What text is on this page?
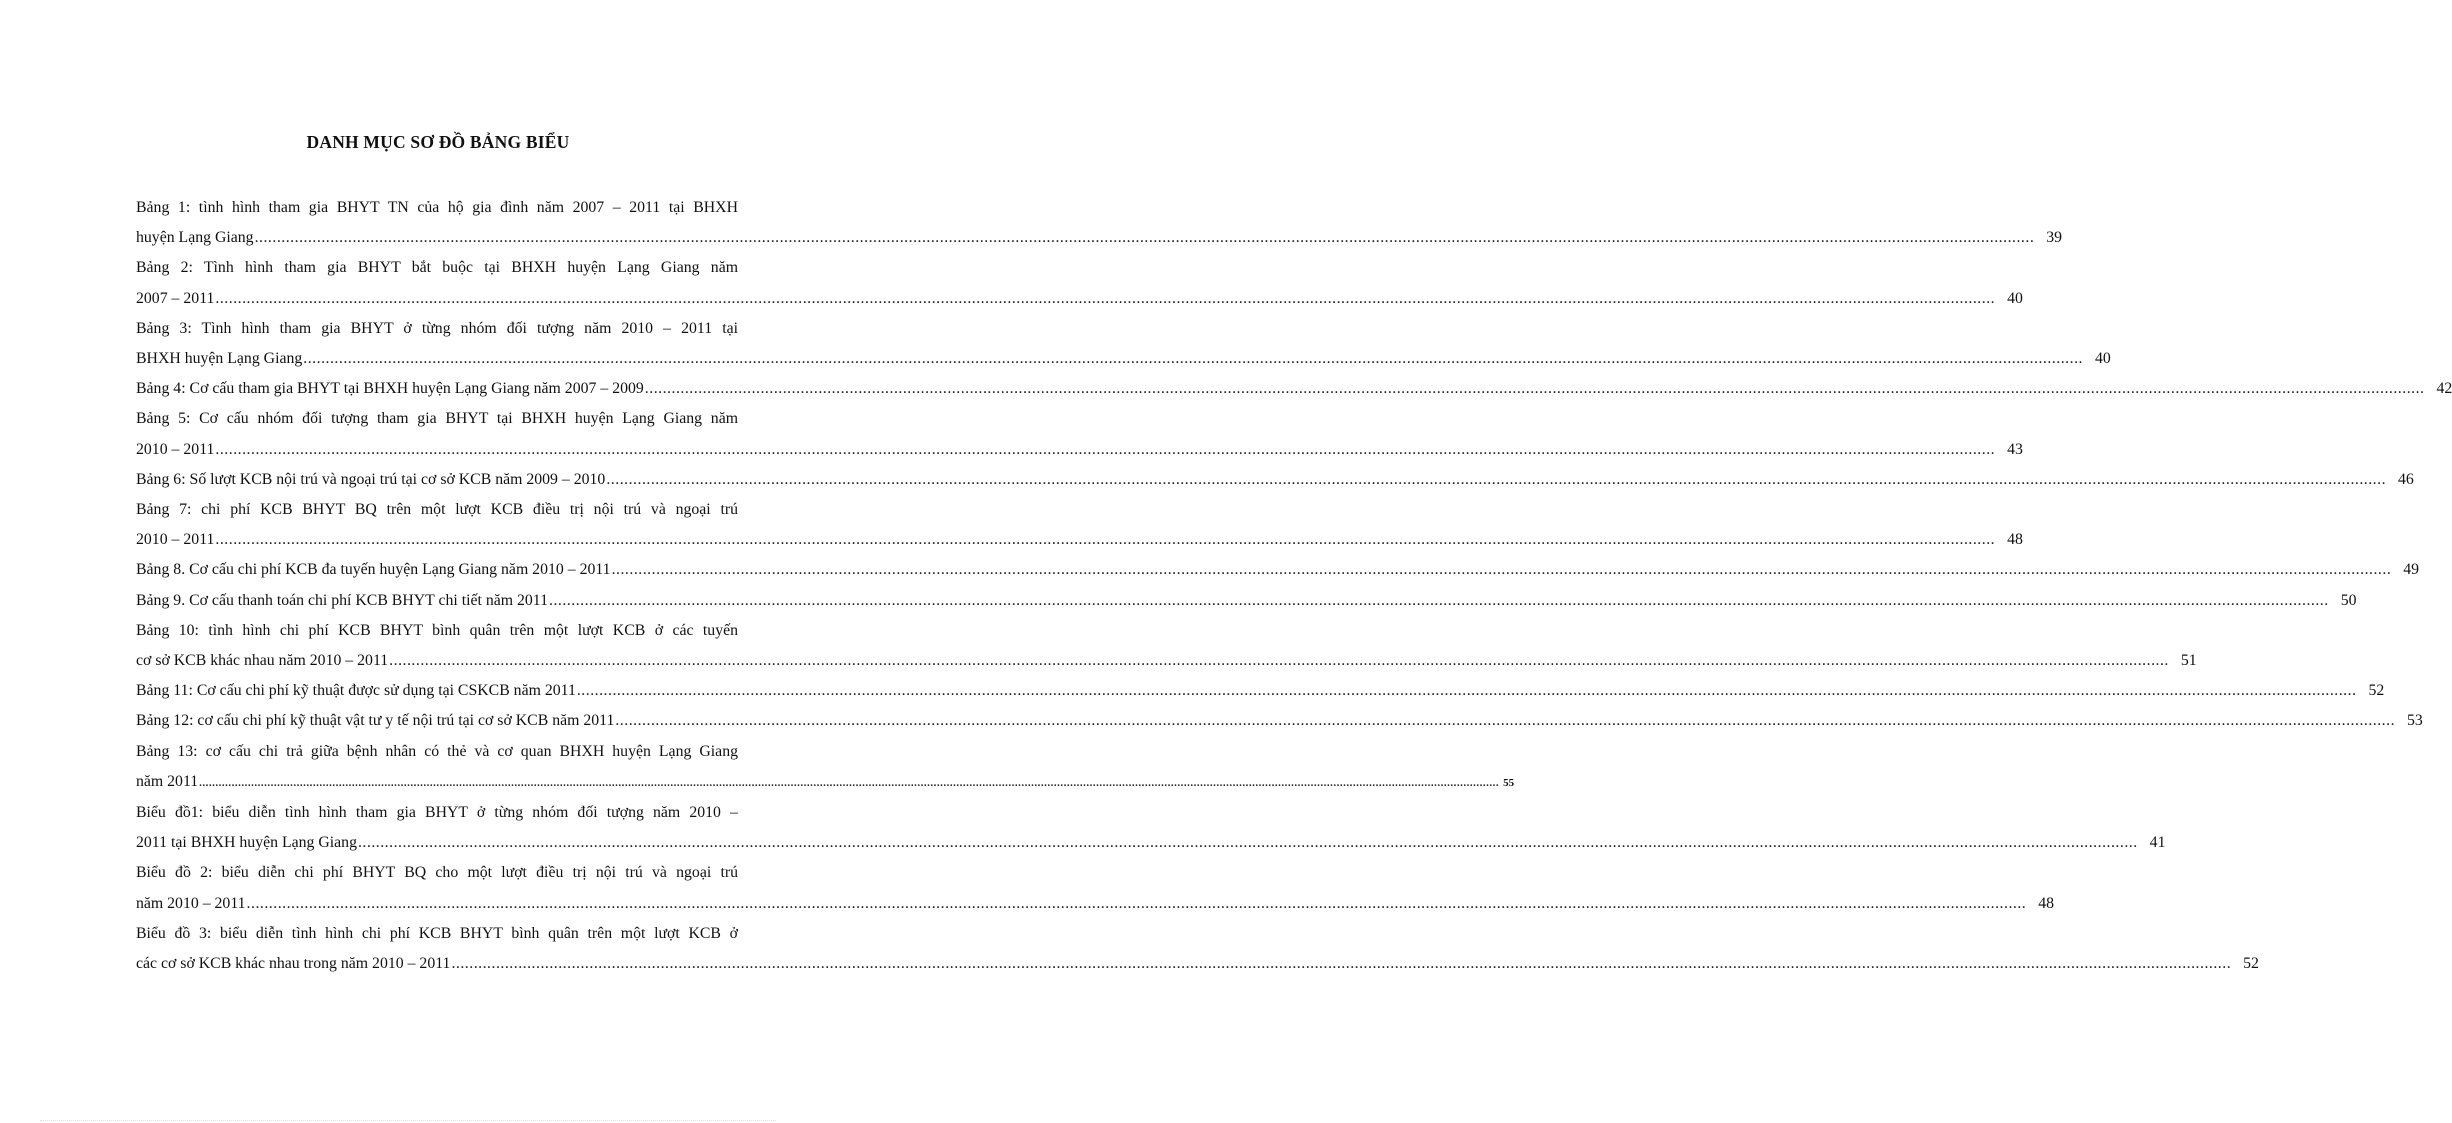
DANH MỤC SƠ ĐỒ BẢNG BIỂU
Bảng 1: tình hình tham gia BHYT TN của hộ gia đình năm 2007 – 2011 tại BHXH
huyện Lạng Giang ................................................................................................................................................................................................................................................................................................................................................................................................................ 39
Bảng 2: Tình hình tham gia BHYT bắt buộc tại BHXH huyện Lạng Giang năm
2007 – 2011 ................................................................................................................................................................................................................................................................................................................................................................................................................ 40
Bảng 3: Tình hình tham gia BHYT ở từng nhóm đối tượng năm 2010 – 2011 tại
BHXH huyện Lạng Giang ................................................................................................................................................................................................................................................................................................................................................................................................................ 40
Bảng 4: Cơ cấu tham gia BHYT tại BHXH huyện Lạng Giang năm 2007 – 2009 ................................................................................................................................................................................................................................................................................................................................................................................................................ 42
Bảng 5: Cơ cấu nhóm đối tượng tham gia BHYT tại BHXH huyện Lạng Giang năm
2010 – 2011 ................................................................................................................................................................................................................................................................................................................................................................................................................ 43
Bảng 6: Số lượt KCB nội trú và ngoại trú tại cơ sở KCB năm 2009 – 2010 ................................................................................................................................................................................................................................................................................................................................................................................................................ 46
Bảng 7: chi phí KCB BHYT BQ trên một lượt KCB điều trị nội trú và ngoại trú
2010 – 2011 ................................................................................................................................................................................................................................................................................................................................................................................................................ 48
Bảng 8. Cơ cấu chi phí KCB đa tuyến huyện Lạng Giang năm 2010 – 2011 ................................................................................................................................................................................................................................................................................................................................................................................................................ 49
Bảng 9. Cơ cấu thanh toán chi phí KCB BHYT chi tiết năm 2011 ................................................................................................................................................................................................................................................................................................................................................................................................................ 50
Bảng 10: tình hình chi phí KCB BHYT bình quân trên một lượt KCB ở các tuyến
cơ sở KCB khác nhau năm 2010 – 2011 ................................................................................................................................................................................................................................................................................................................................................................................................................ 51
Bảng 11: Cơ cấu chi phí kỹ thuật được sử dụng tại CSKCB năm 2011 ................................................................................................................................................................................................................................................................................................................................................................................................................ 52
Bảng 12: cơ cấu chi phí kỹ thuật vật tư y tế nội trú tại cơ sở KCB năm 2011 ................................................................................................................................................................................................................................................................................................................................................................................................................ 53
Bảng 13: cơ cấu chi trả giữa bệnh nhân có thẻ và cơ quan BHXH huyện Lạng Giang
năm 2011 ................................................................................................................................................................................................................................................................................................................................................................................................................ 55
Biểu đồ1: biểu diễn tình hình tham gia BHYT ở từng nhóm đối tượng năm 2010 –
2011 tại BHXH huyện Lạng Giang ................................................................................................................................................................................................................................................................................................................................................................................................................ 41
Biểu đồ 2: biểu diễn chi phí BHYT BQ cho một lượt điều trị nội trú và ngoại trú
năm 2010 – 2011 ................................................................................................................................................................................................................................................................................................................................................................................................................ 48
Biểu đồ 3: biểu diễn tình hình chi phí KCB BHYT bình quân trên một lượt KCB ở
các cơ sở KCB khác nhau trong năm 2010 – 2011 ................................................................................................................................................................................................................................................................................................................................................................................................................ 52
